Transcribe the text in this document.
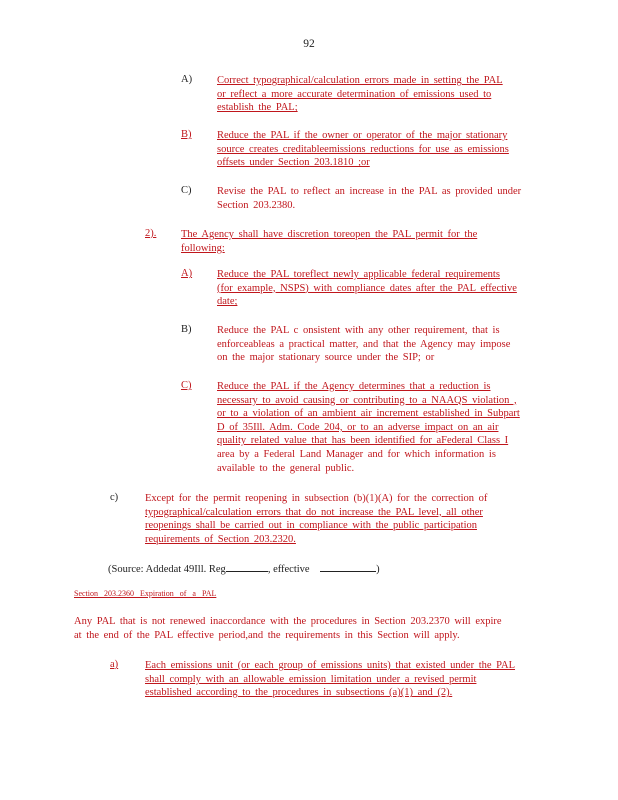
92
A) Correct typographical/calculation errors made in setting the PAL
or reflect a more accurate determination of emissions used to
establish the PAL;
B) Reduce the PAL if the owner or operator of the major stationary
source creates creditableemissions reductions for use as emissions
offsets under Section 203.1810 ;or
C) Revise the PAL to reflect an increase in the PAL as provided under
Section 203.2380.
2). The Agency shall have discretion toreopen the PAL permit for the
following:
A) Reduce the PAL toreflect newly applicable federal requirements
(for example, NSPS) with compliance dates after the PAL effective
date;
B) Reduce the PAL c onsistent with any other requirement, that is
enforceableas a practical matter, and that the Agency may impose
on the major stationary source under the SIP; or
C) Reduce the PAL if the Agency determines that a reduction is
necessary to avoid causing or contributing to a NAAQS violation ,
or to a violation of an ambient air increment established in Subpart
D of 35Ill. Adm. Code 204, or to an adverse impact on an air
quality related value that has been identified for aFederal Class I
area by a Federal Land Manager and for which information is
available to the general public.
c)	Except for the permit reopening in subsection (b)(1)(A) for the correction of
typographical/calculation errors that do not increase the PAL level, all other
reopenings shall be carried out in compliance with the public participation
requirements of Section 203.2320.
(Source: Addedat 49Ill. Reg	, effective	)
Section 203.2360 Expiration of a PAL
Any PAL that is not renewed inaccordance with the procedures in Section 203.2370 will expire
at the end of the PAL effective period,and the requirements in this Section will apply.
a)	Each emissions unit (or each group of emissions units) that existed under the PAL
shall comply with an allowable emission limitation under a revised permit
established according to the procedures in subsections (a)(1) and (2).
